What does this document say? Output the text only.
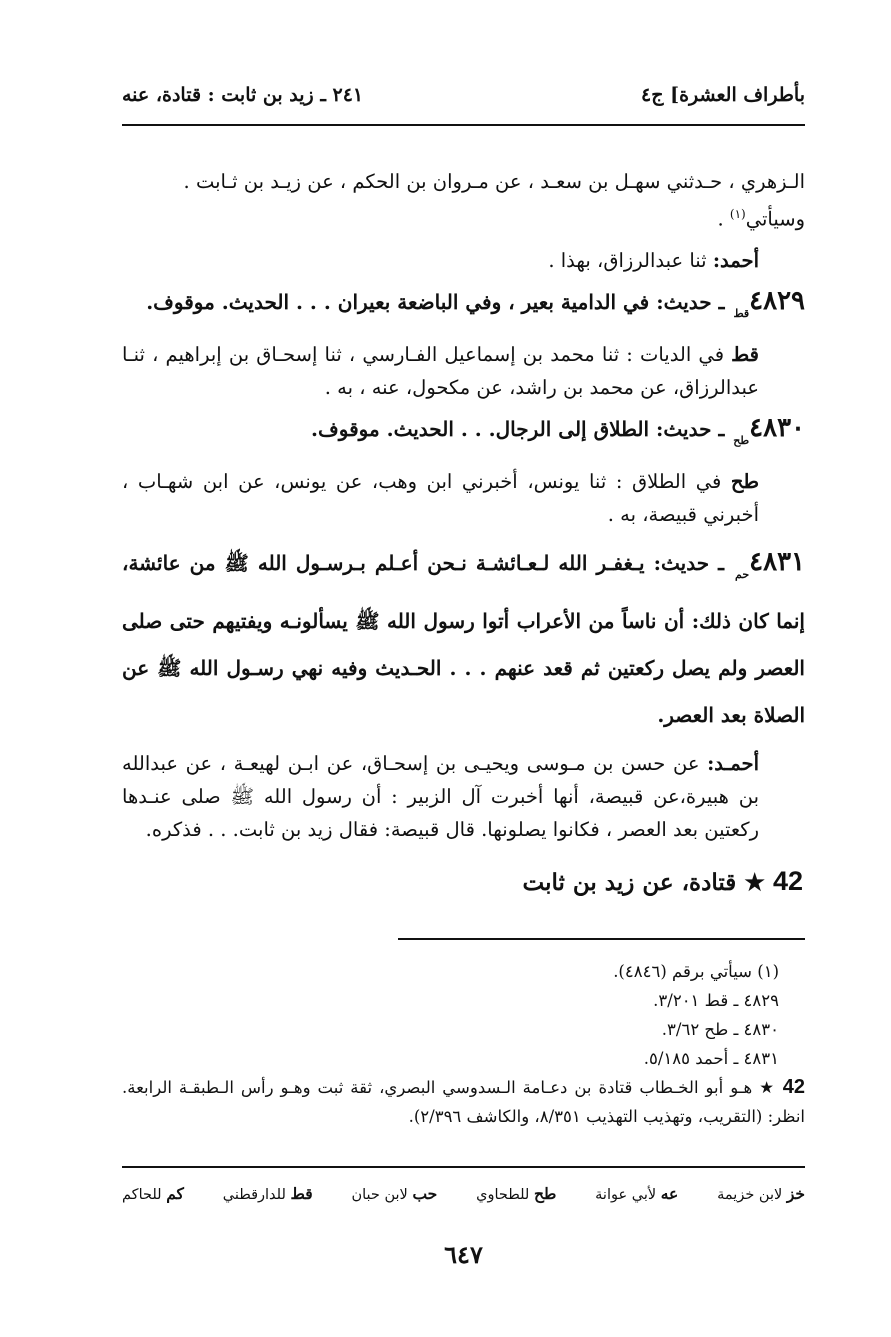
بأطراف العشرة] ج٤
٢٤١ ـ زيد بن ثابت : قتادة، عنه

الـزهري ، حـدثني سهـل بن سعـد ، عن مـروان بن الحكم ، عن زيـد بن ثـابت .
وسيأتي$^{(١)}$ .

أحمد: ثنا عبدالرزاق، بهذا .

$٤٨٢٩_{قط}$ ـ حديث: في الدامية بعير ، وفي الباضعة بعيران . . . الحديث. موقوف.

قط في الديات : ثنا محمد بن إسماعيل الفـارسي ، ثنا إسحـاق بن إبراهيم ، ثنـا عبدالرزاق، عن محمد بن راشد، عن مكحول، عنه ، به .

$٤٨٣٠_{طح}$ ـ حديث: الطلاق إلى الرجال. . . الحديث. موقوف.

طح في الطلاق : ثنا يونس، أخبرني ابن وهب، عن يونس، عن ابن شهـاب ، أخبرني قبيصة، به .

$٤٨٣١_{حم}$ ـ حديث: يـغفـر الله لـعـائشـة نـحن أعـلم بـرسـول الله ﷺ من عائشة، إنما كان ذلك: أن ناساً من الأعراب أتوا رسول الله ﷺ يسألونـه ويفتيهم حتى صلى العصر ولم يصل ركعتين ثم قعد عنهم . . . الحـديث وفيه نهي رسـول الله ﷺ عن الصلاة بعد العصر.

أحمـد: عن حسن بن مـوسى ويحيـى بن إسحـاق، عن ابـن لهيعـة ، عن عبدالله بن هبيرة،عن قبيصة، أنها أخبرت آل الزبير : أن رسول الله ﷺ صلى عنـدها ركعتين بعد العصر ، فكانوا يصلونها. قال قبيصة: فقال زيد بن ثابت. . . فذكره.

42 ★ قتادة، عن زيد بن ثابت
(١) سيأتي برقم (٤٨٤٦).
٤٨٢٩ ـ قط ٣/٢٠١.
٤٨٣٠ ـ طح ٣/٦٢.
٤٨٣١ ـ أحمد ٥/١٨٥.
42 ★ هـو أبو الخـطاب قتادة بن دعـامة الـسدوسي البصري، ثقة ثبت وهـو رأس الـطبقـة الرابعة. انظر: (التقريب، وتهذيب التهذيب ٨/٣٥١، والكاشف ٢/٣٩٦).
خز لابن خزيمة
عه لأبي عوانة
طح للطحاوي
حب لابن حبان
قط للدارقطني
كم للحاكم
٦٤٧
